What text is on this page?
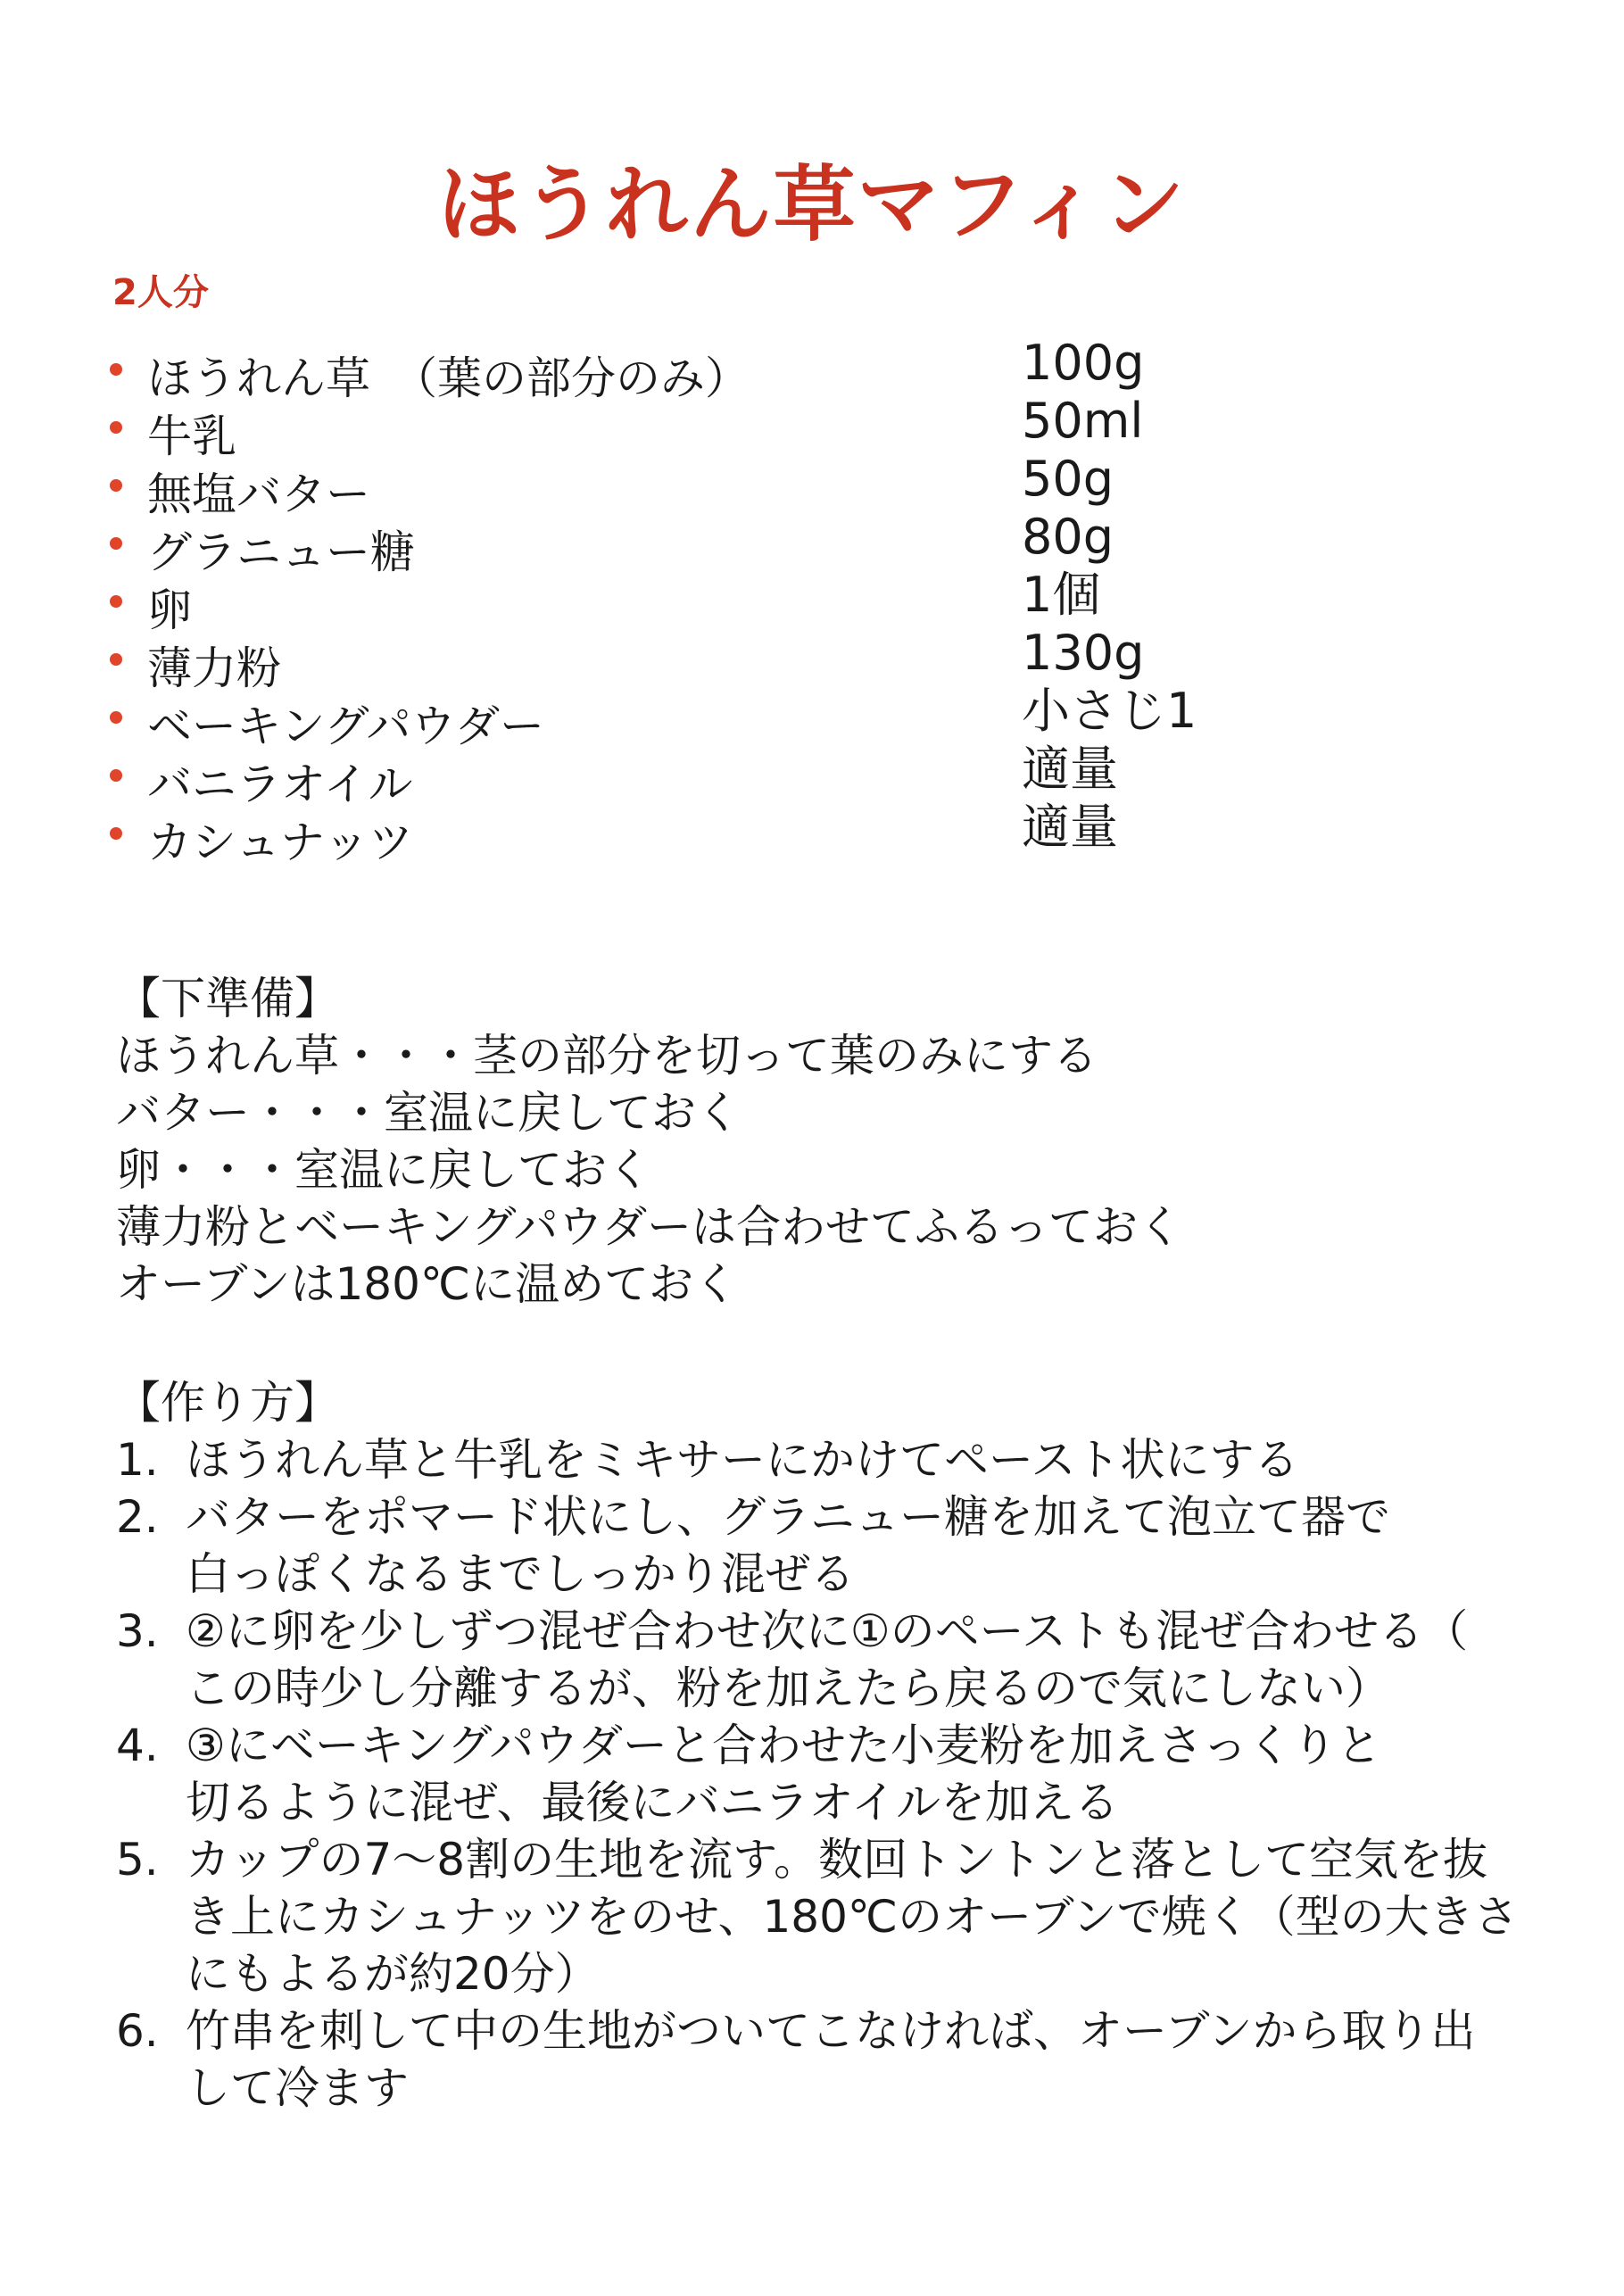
ほうれん草マフィン
2人分
ほうれん草　（葉の部分のみ）	100g
牛乳	50ml
無塩バター	50g
グラニュー糖	80g
卵	1個
薄力粉	130g
ベーキングパウダー	小さじ1
バニラオイル	適量
カシュナッツ	適量
【下準備】
ほうれん草・・・茎の部分を切って葉のみにする
バター・・・室温に戻しておく
卵・・・室温に戻しておく
薄力粉とベーキングパウダーは合わせてふるっておく
オーブンは180℃に温めておく
【作り方】
1. ほうれん草と牛乳をミキサーにかけてペースト状にする
2. バターをポマード状にし、グラニュー糖を加えて泡立て器で
白っぽくなるまでしっかり混ぜる
3. ②に卵を少しずつ混ぜ合わせ次に①のペーストも混ぜ合わせる（
この時少し分離するが、粉を加えたら戻るので気にしない）
4. ③にベーキングパウダーと合わせた小麦粉を加えさっくりと
切るように混ぜ、最後にバニラオイルを加える
5. カップの7～8割の生地を流す。数回トントンと落として空気を抜
き上にカシュナッツをのせ、180℃のオーブンで焼く（型の大きさ
にもよるが約20分）
6. 竹串を刺して中の生地がついてこなければ、オーブンから取り出
して冷ます
